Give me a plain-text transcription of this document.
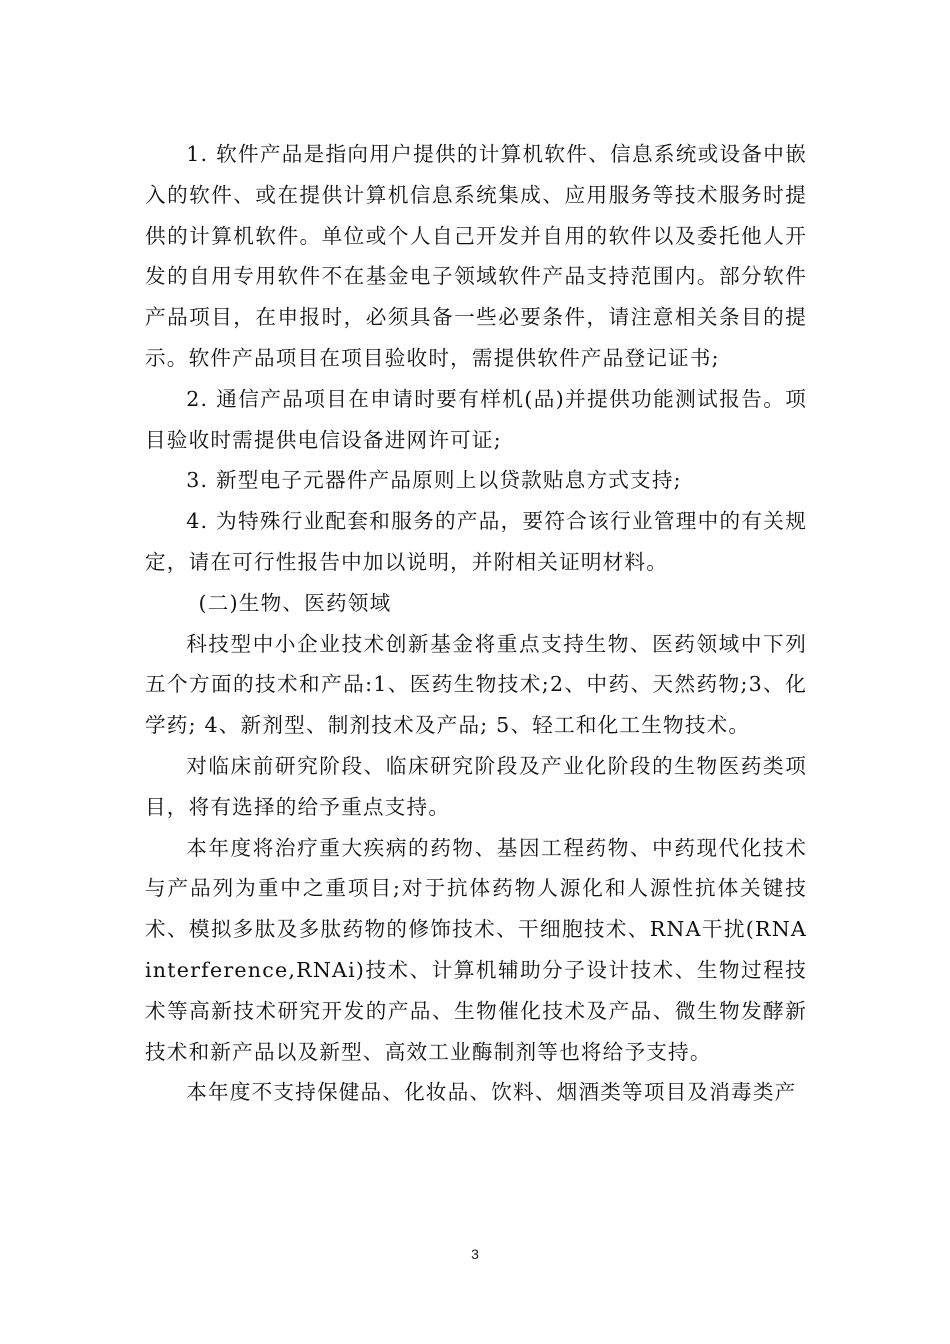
1. 软件产品是指向用户提供的计算机软件、信息系统或设备中嵌入的软件、或在提供计算机信息系统集成、应用服务等技术服务时提供的计算机软件。单位或个人自己开发并自用的软件以及委托他人开发的自用专用软件不在基金电子领域软件产品支持范围内。部分软件产品项目，在申报时，必须具备一些必要条件，请注意相关条目的提示。软件产品项目在项目验收时，需提供软件产品登记证书;

2. 通信产品项目在申请时要有样机(品)并提供功能测试报告。项目验收时需提供电信设备进网许可证;

3. 新型电子元器件产品原则上以贷款贴息方式支持;

4. 为特殊行业配套和服务的产品，要符合该行业管理中的有关规定，请在可行性报告中加以说明，并附相关证明材料。

(二)生物、医药领域

科技型中小企业技术创新基金将重点支持生物、医药领域中下列五个方面的技术和产品:1、医药生物技术;2、中药、天然药物;3、化学药; 4、新剂型、制剂技术及产品; 5、轻工和化工生物技术。

对临床前研究阶段、临床研究阶段及产业化阶段的生物医药类项目，将有选择的给予重点支持。

本年度将治疗重大疾病的药物、基因工程药物、中药现代化技术与产品列为重中之重项目;对于抗体药物人源化和人源性抗体关键技术、模拟多肽及多肽药物的修饰技术、干细胞技术、RNA干扰(RNA interference,RNAi)技术、计算机辅助分子设计技术、生物过程技术等高新技术研究开发的产品、生物催化技术及产品、微生物发酵新技术和新产品以及新型、高效工业酶制剂等也将给予支持。

本年度不支持保健品、化妆品、饮料、烟酒类等项目及消毒类产

3
